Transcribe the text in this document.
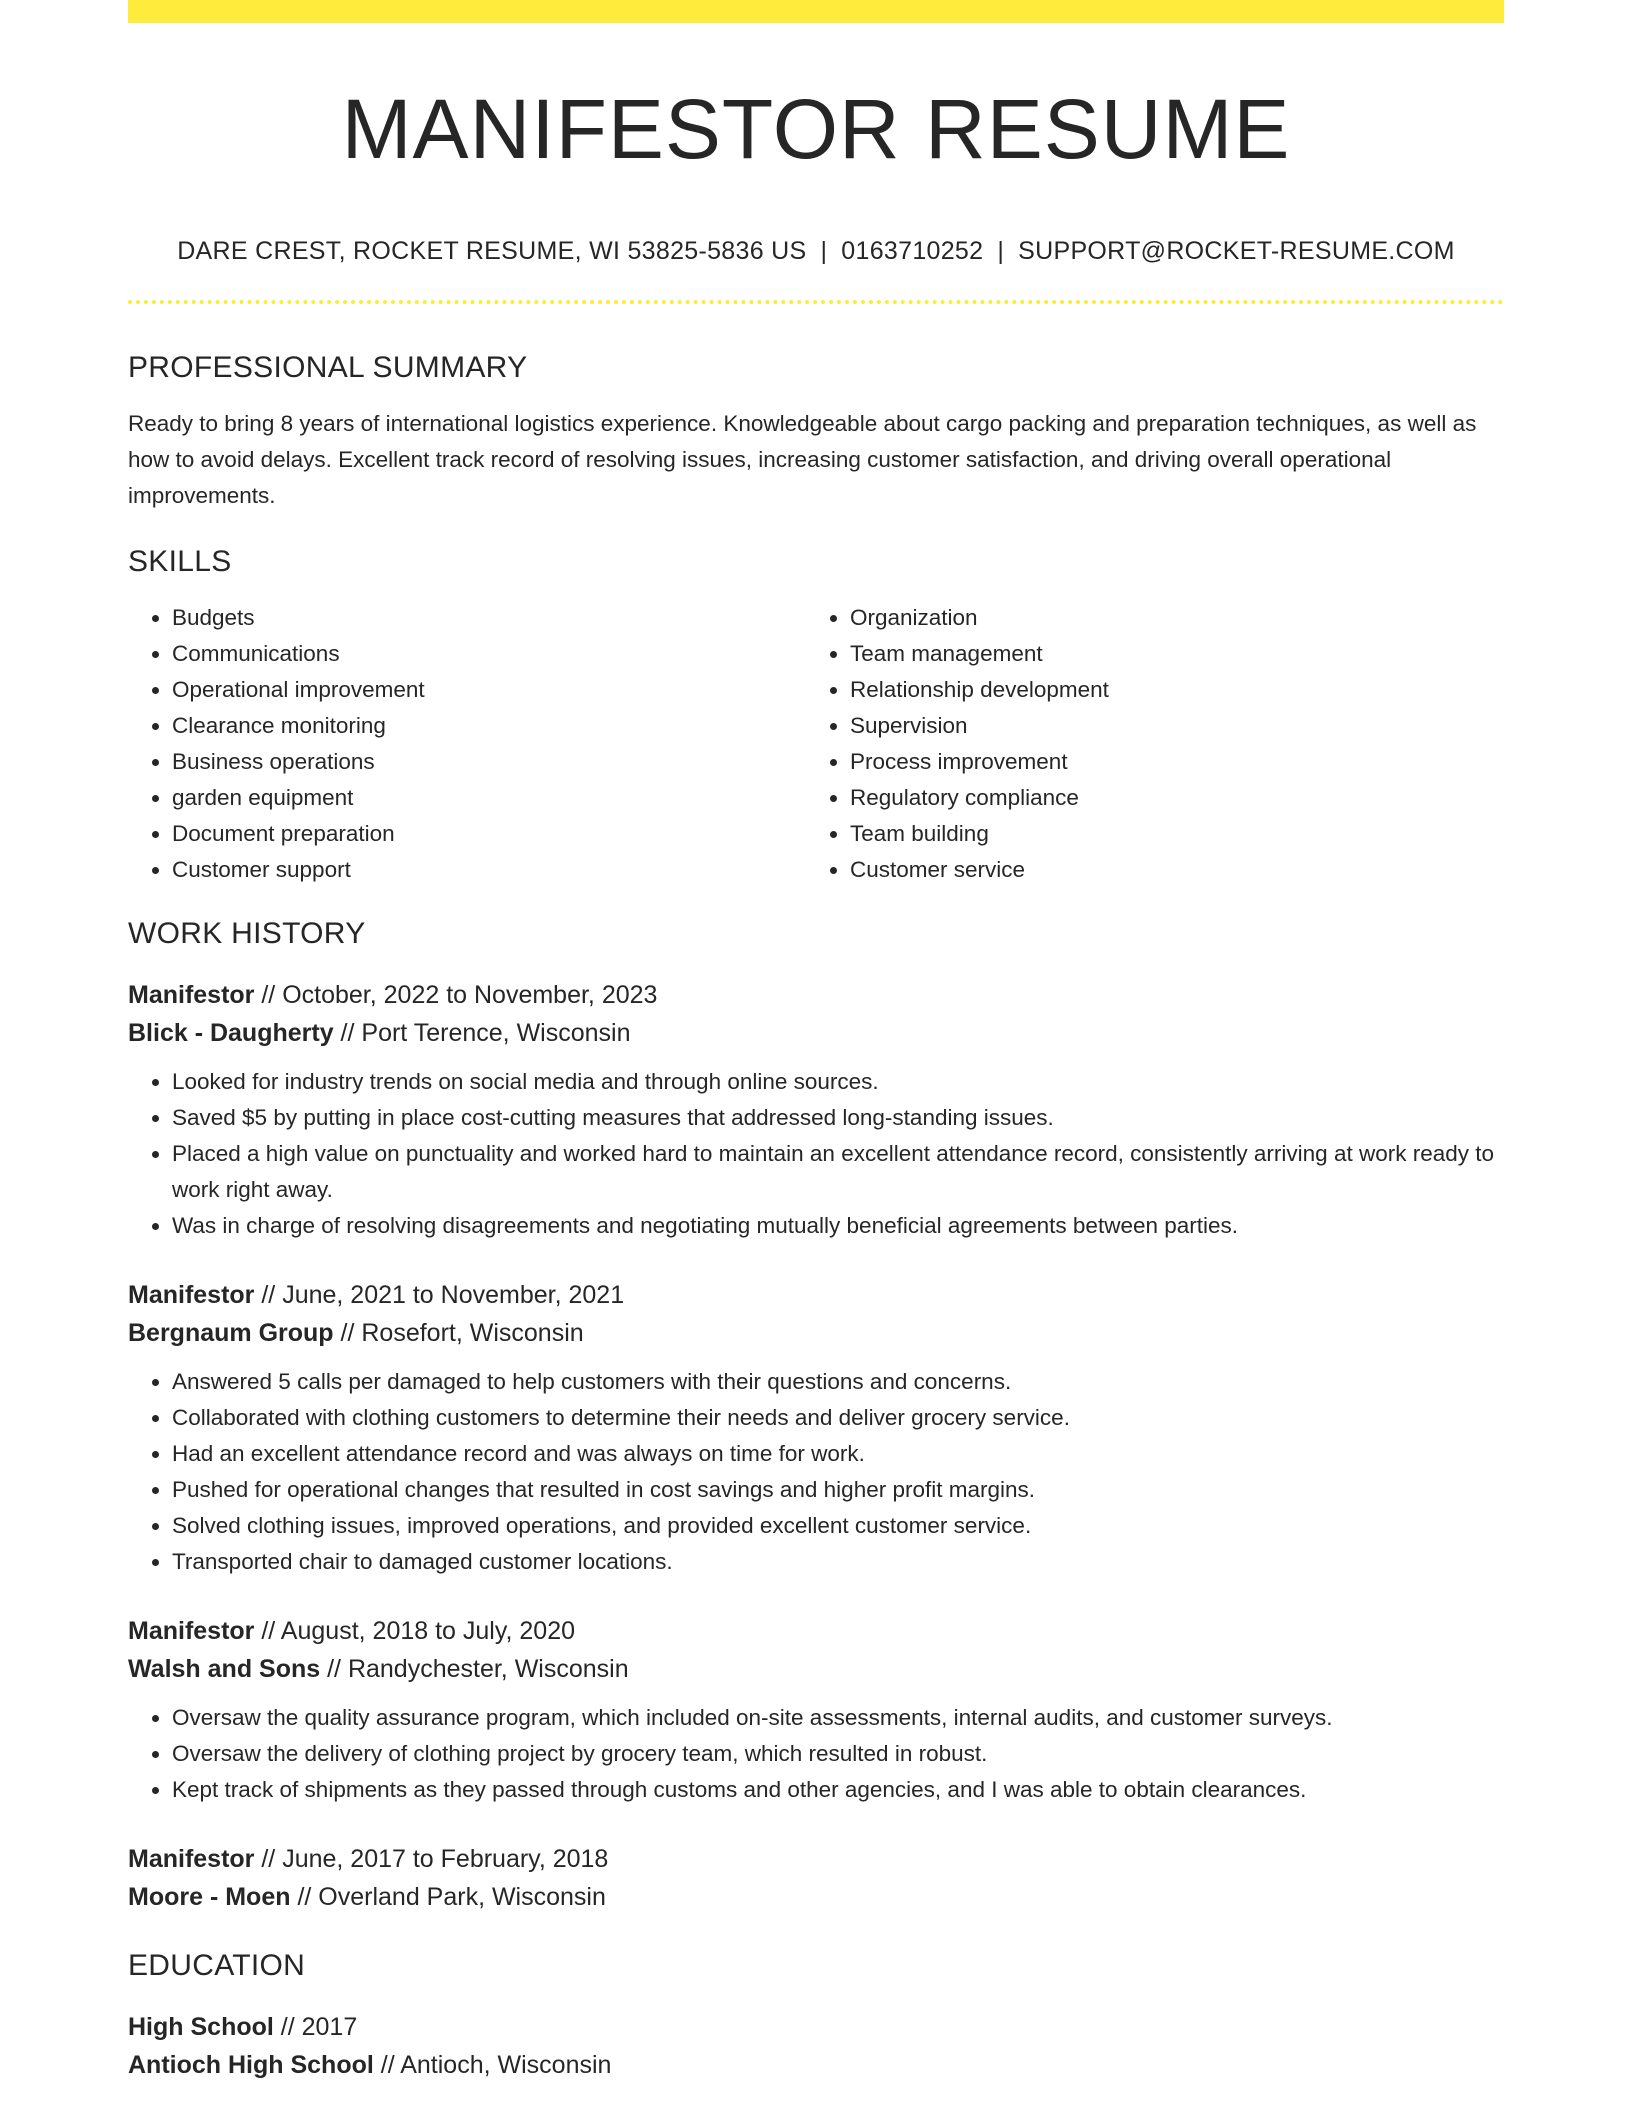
MANIFESTOR RESUME
DARE CREST, ROCKET RESUME, WI 53825-5836 US | 0163710252 | SUPPORT@ROCKET-RESUME.COM
PROFESSIONAL SUMMARY
Ready to bring 8 years of international logistics experience. Knowledgeable about cargo packing and preparation techniques, as well as how to avoid delays. Excellent track record of resolving issues, increasing customer satisfaction, and driving overall operational improvements.
SKILLS
• Budgets
• Communications
• Operational improvement
• Clearance monitoring
• Business operations
• garden equipment
• Document preparation
• Customer support
• Organization
• Team management
• Relationship development
• Supervision
• Process improvement
• Regulatory compliance
• Team building
• Customer service
WORK HISTORY
Manifestor // October, 2022 to November, 2023
Blick - Daugherty // Port Terence, Wisconsin
• Looked for industry trends on social media and through online sources.
• Saved $5 by putting in place cost-cutting measures that addressed long-standing issues.
• Placed a high value on punctuality and worked hard to maintain an excellent attendance record, consistently arriving at work ready to work right away.
• Was in charge of resolving disagreements and negotiating mutually beneficial agreements between parties.
Manifestor // June, 2021 to November, 2021
Bergnaum Group // Rosefort, Wisconsin
• Answered 5 calls per damaged to help customers with their questions and concerns.
• Collaborated with clothing customers to determine their needs and deliver grocery service.
• Had an excellent attendance record and was always on time for work.
• Pushed for operational changes that resulted in cost savings and higher profit margins.
• Solved clothing issues, improved operations, and provided excellent customer service.
• Transported chair to damaged customer locations.
Manifestor // August, 2018 to July, 2020
Walsh and Sons // Randychester, Wisconsin
• Oversaw the quality assurance program, which included on-site assessments, internal audits, and customer surveys.
• Oversaw the delivery of clothing project by grocery team, which resulted in robust.
• Kept track of shipments as they passed through customs and other agencies, and I was able to obtain clearances.
Manifestor // June, 2017 to February, 2018
Moore - Moen // Overland Park, Wisconsin
EDUCATION
High School // 2017
Antioch High School // Antioch, Wisconsin
